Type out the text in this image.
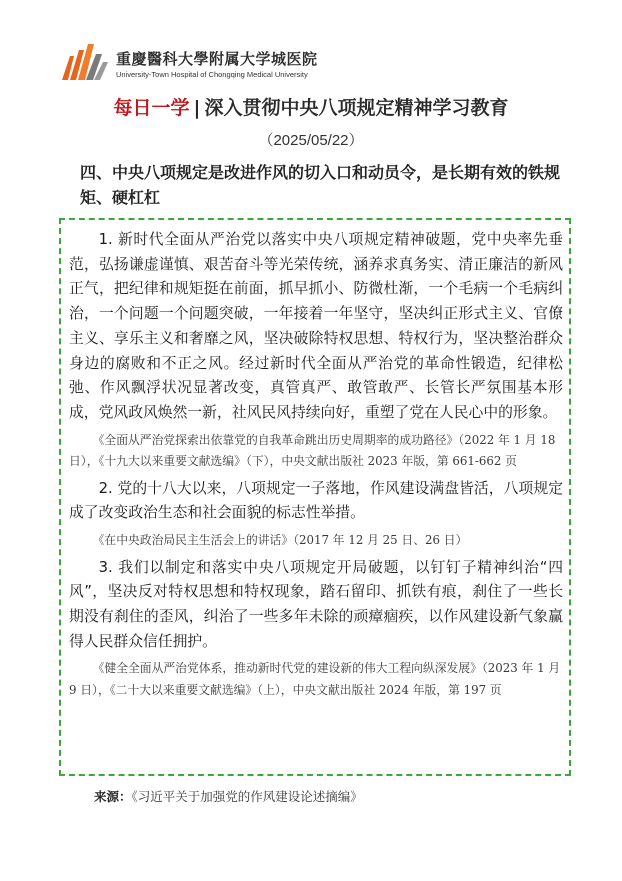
重慶醫科大學附属大学城医院
University-Town Hospital of Chongqing Medical University
每日一学 | 深入贯彻中央八项规定精神学习教育
（2025/05/22）
四、中央八项规定是改进作风的切入口和动员令，是长期有效的铁规矩、硬杠杠

1. 新时代全面从严治党以落实中央八项规定精神破题，党中央率先垂范，弘扬谦虚谨慎、艰苦奋斗等光荣传统，涵养求真务实、清正廉洁的新风正气，把纪律和规矩挺在前面，抓早抓小、防微杜渐，一个毛病一个毛病纠治，一个问题一个问题突破，一年接着一年坚守，坚决纠正形式主义、官僚主义、享乐主义和奢靡之风，坚决破除特权思想、特权行为，坚决整治群众身边的腐败和不正之风。经过新时代全面从严治党的革命性锻造，纪律松弛、作风飘浮状况显著改变，真管真严、敢管敢严、长管长严氛围基本形成，党风政风焕然一新，社风民风持续向好，重塑了党在人民心中的形象。

《全面从严治党探索出依靠党的自我革命跳出历史周期率的成功路径》（2022 年 1 月 18 日），《十九大以来重要文献选编》（下），中央文献出版社 2023 年版，第 661-662 页

2. 党的十八大以来，八项规定一子落地，作风建设满盘皆活，八项规定成了改变政治生态和社会面貌的标志性举措。

《在中央政治局民主生活会上的讲话》（2017 年 12 月 25 日、26 日）

3. 我们以制定和落实中央八项规定开局破题，以钉钉子精神纠治“四风”，坚决反对特权思想和特权现象，踏石留印、抓铁有痕，刹住了一些长期没有刹住的歪风，纠治了一些多年未除的顽瘴痼疾，以作风建设新气象赢得人民群众信任拥护。

《健全全面从严治党体系，推动新时代党的建设新的伟大工程向纵深发展》（2023 年 1 月 9 日），《二十大以来重要文献选编》（上），中央文献出版社 2024 年版，第 197 页

来源：《习近平关于加强党的作风建设论述摘编》
